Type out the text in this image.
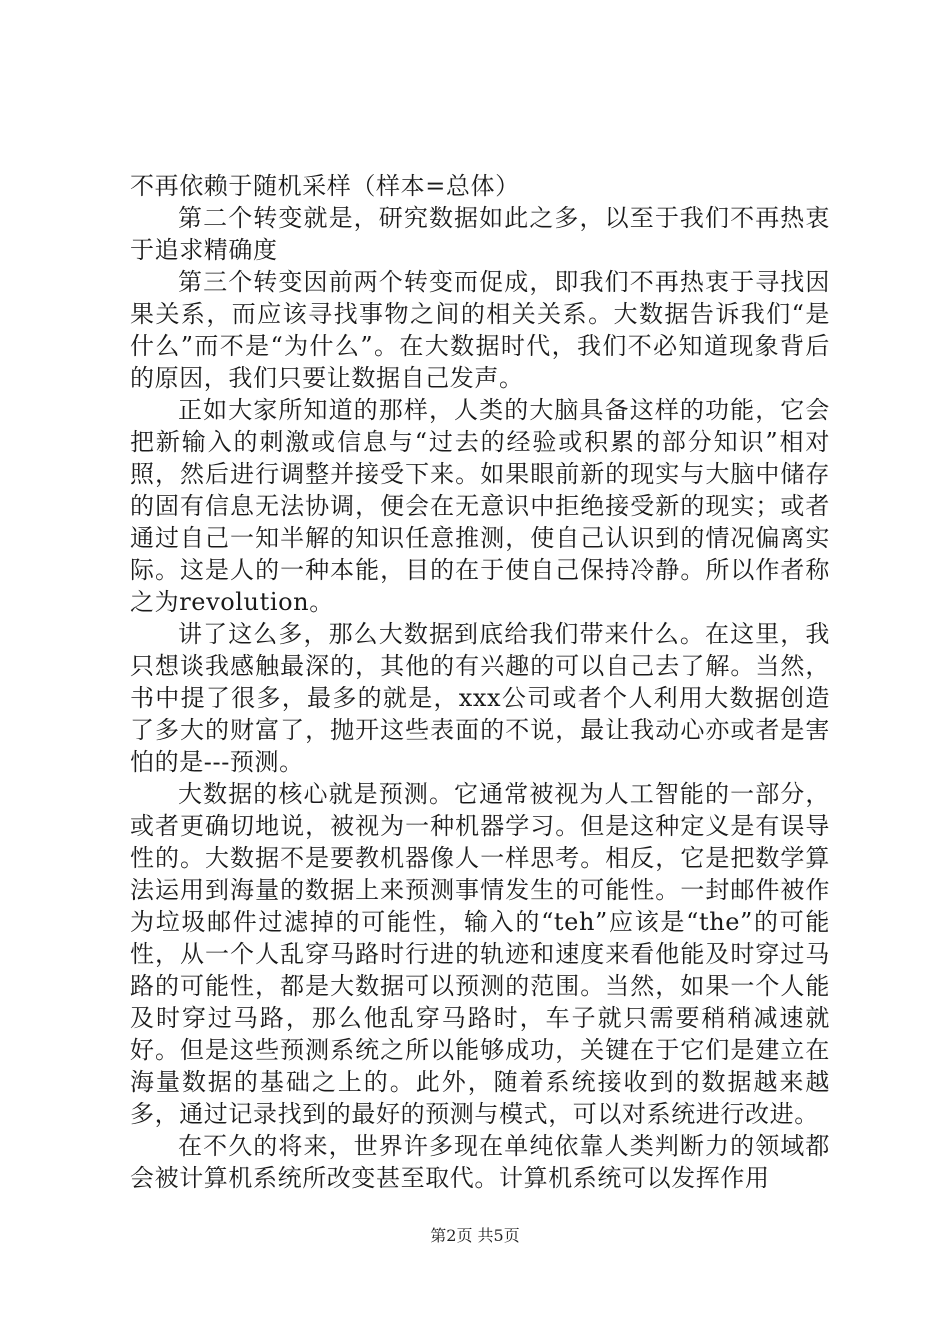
不再依赖于随机采样（样本=总体）

第二个转变就是，研究数据如此之多，以至于我们不再热衷于追求精确度

第三个转变因前两个转变而促成，即我们不再热衷于寻找因果关系，而应该寻找事物之间的相关关系。大数据告诉我们“是什么”而不是“为什么”。在大数据时代，我们不必知道现象背后的原因，我们只要让数据自己发声。

正如大家所知道的那样，人类的大脑具备这样的功能，它会把新输入的刺激或信息与“过去的经验或积累的部分知识”相对照，然后进行调整并接受下来。如果眼前新的现实与大脑中储存的固有信息无法协调，便会在无意识中拒绝接受新的现实；或者通过自己一知半解的知识任意推测，使自己认识到的情况偏离实际。这是人的一种本能，目的在于使自己保持冷静。所以作者称之为revolution。

讲了这么多，那么大数据到底给我们带来什么。在这里，我只想谈我感触最深的，其他的有兴趣的可以自己去了解。当然，书中提了很多，最多的就是，xxx公司或者个人利用大数据创造了多大的财富了，抛开这些表面的不说，最让我动心亦或者是害怕的是---预测。

大数据的核心就是预测。它通常被视为人工智能的一部分，或者更确切地说，被视为一种机器学习。但是这种定义是有误导性的。大数据不是要教机器像人一样思考。相反，它是把数学算法运用到海量的数据上来预测事情发生的可能性。一封邮件被作为垃圾邮件过滤掉的可能性，输入的“teh”应该是“the”的可能性，从一个人乱穿马路时行进的轨迹和速度来看他能及时穿过马路的可能性，都是大数据可以预测的范围。当然，如果一个人能及时穿过马路，那么他乱穿马路时，车子就只需要稍稍减速就好。但是这些预测系统之所以能够成功，关键在于它们是建立在海量数据的基础之上的。此外，随着系统接收到的数据越来越多，通过记录找到的最好的预测与模式，可以对系统进行改进。

在不久的将来，世界许多现在单纯依靠人类判断力的领域都会被计算机系统所改变甚至取代。计算机系统可以发挥作用

第2页 共5页
